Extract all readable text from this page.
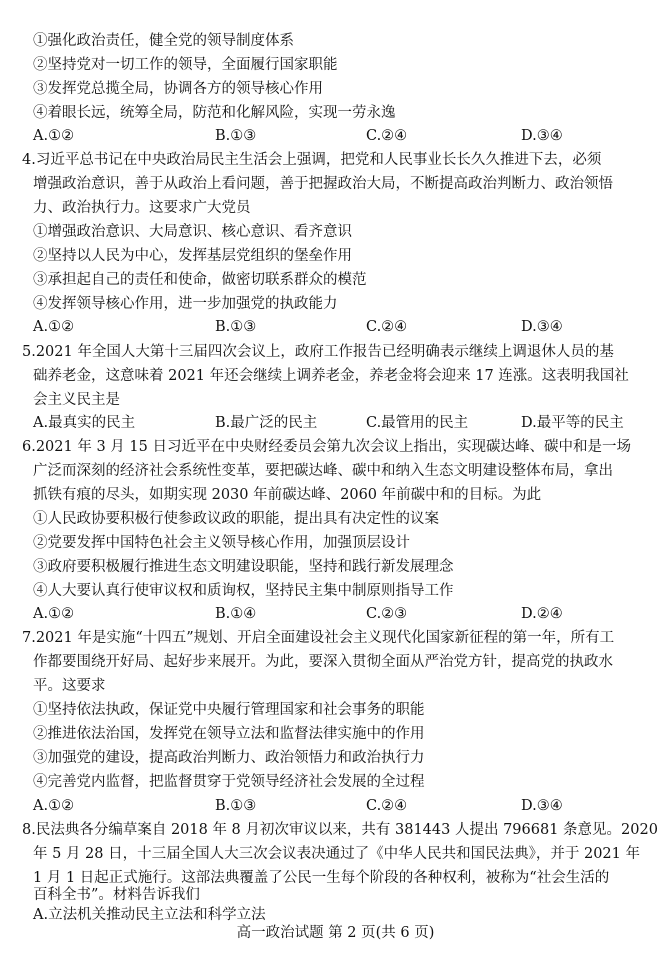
①强化政治责任，健全党的领导制度体系
②坚持党对一切工作的领导，全面履行国家职能
③发挥党总揽全局，协调各方的领导核心作用
④着眼长远，统筹全局，防范和化解风险，实现一劳永逸
A.①②	B.①③	C.②④	D.③④
4.习近平总书记在中央政治局民主生活会上强调，把党和人民事业长长久久推进下去，必须
增强政治意识，善于从政治上看问题，善于把握政治大局，不断提高政治判断力、政治领悟
力、政治执行力。这要求广大党员
①增强政治意识、大局意识、核心意识、看齐意识
②坚持以人民为中心，发挥基层党组织的堡垒作用
③承担起自己的责任和使命，做密切联系群众的模范
④发挥领导核心作用，进一步加强党的执政能力
A.①②	B.①③	C.②④	D.③④
5.2021 年全国人大第十三届四次会议上，政府工作报告已经明确表示继续上调退休人员的基
础养老金，这意味着 2021 年还会继续上调养老金，养老金将会迎来 17 连涨。这表明我国社
会主义民主是
A.最真实的民主	B.最广泛的民主	C.最管用的民主	D.最平等的民主
6.2021 年 3 月 15 日习近平在中央财经委员会第九次会议上指出，实现碳达峰、碳中和是一场
广泛而深刻的经济社会系统性变革，要把碳达峰、碳中和纳入生态文明建设整体布局，拿出
抓铁有痕的尽头，如期实现 2030 年前碳达峰、2060 年前碳中和的目标。为此
①人民政协要积极行使参政议政的职能，提出具有决定性的议案
②党要发挥中国特色社会主义领导核心作用，加强顶层设计
③政府要积极履行推进生态文明建设职能，坚持和践行新发展理念
④人大要认真行使审议权和质询权，坚持民主集中制原则指导工作
A.①②	B.①④	C.②③	D.②④
7.2021 年是实施“十四五”规划、开启全面建设社会主义现代化国家新征程的第一年，所有工
作都要围绕开好局、起好步来展开。为此，要深入贯彻全面从严治党方针，提高党的执政水
平。这要求
①坚持依法执政，保证党中央履行管理国家和社会事务的职能
②推进依法治国，发挥党在领导立法和监督法律实施中的作用
③加强党的建设，提高政治判断力、政治领悟力和政治执行力
④完善党内监督，把监督贯穿于党领导经济社会发展的全过程
A.①②	B.①③	C.②④	D.③④
8.民法典各分编草案自 2018 年 8 月初次审议以来，共有 381443 人提出 796681 条意见。2020
年 5 月 28 日，十三届全国人大三次会议表决通过了《中华人民共和国民法典》，并于 2021 年
1 月 1 日起正式施行。这部法典覆盖了公民一生每个阶段的各种权利，被称为“社会生活的
百科全书”。材料告诉我们
高一政治试题 第 2 页(共 6 页)
A.立法机关推动民主立法和科学立法
